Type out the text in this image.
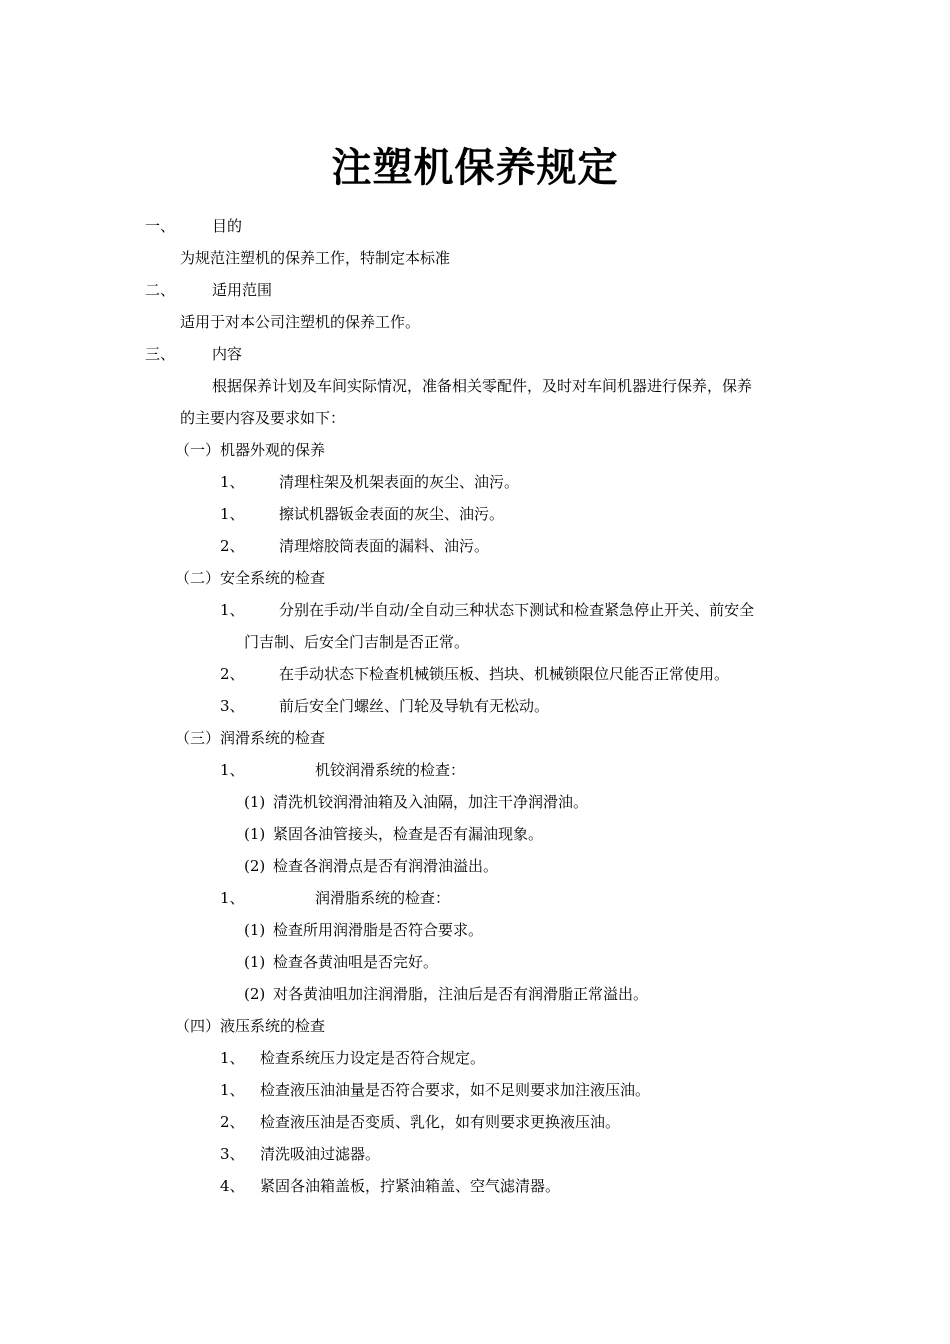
注塑机保养规定
一、 目的
为规范注塑机的保养工作，特制定本标准
二、 适用范围
适用于对本公司注塑机的保养工作。
三、 内容
根据保养计划及车间实际情况，准备相关零配件，及时对车间机器进行保养，保养
的主要内容及要求如下：
（一）机器外观的保养
1、 清理柱架及机架表面的灰尘、油污。
1、 擦试机器钣金表面的灰尘、油污。
2、 清理熔胶筒表面的漏料、油污。
（二）安全系统的检查
1、 分别在手动/半自动/全自动三种状态下测试和检查紧急停止开关、前安全
门吉制、后安全门吉制是否正常。
2、 在手动状态下检查机械锁压板、挡块、机械锁限位尺能否正常使用。
3、 前后安全门螺丝、门轮及导轨有无松动。
（三）润滑系统的检查
1、	机铰润滑系统的检查：
(1) 清洗机铰润滑油箱及入油隔，加注干净润滑油。
(1) 紧固各油管接头，检查是否有漏油现象。
(2) 检查各润滑点是否有润滑油溢出。
1、	润滑脂系统的检查：
(1) 检查所用润滑脂是否符合要求。
(1) 检查各黄油咀是否完好。
(2) 对各黄油咀加注润滑脂，注油后是否有润滑脂正常溢出。
（四）液压系统的检查
1、 检查系统压力设定是否符合规定。
1、 检查液压油油量是否符合要求，如不足则要求加注液压油。
2、 检查液压油是否变质、乳化，如有则要求更换液压油。
3、 清洗吸油过滤器。
4、 紧固各油箱盖板，拧紧油箱盖、空气滤清器。
